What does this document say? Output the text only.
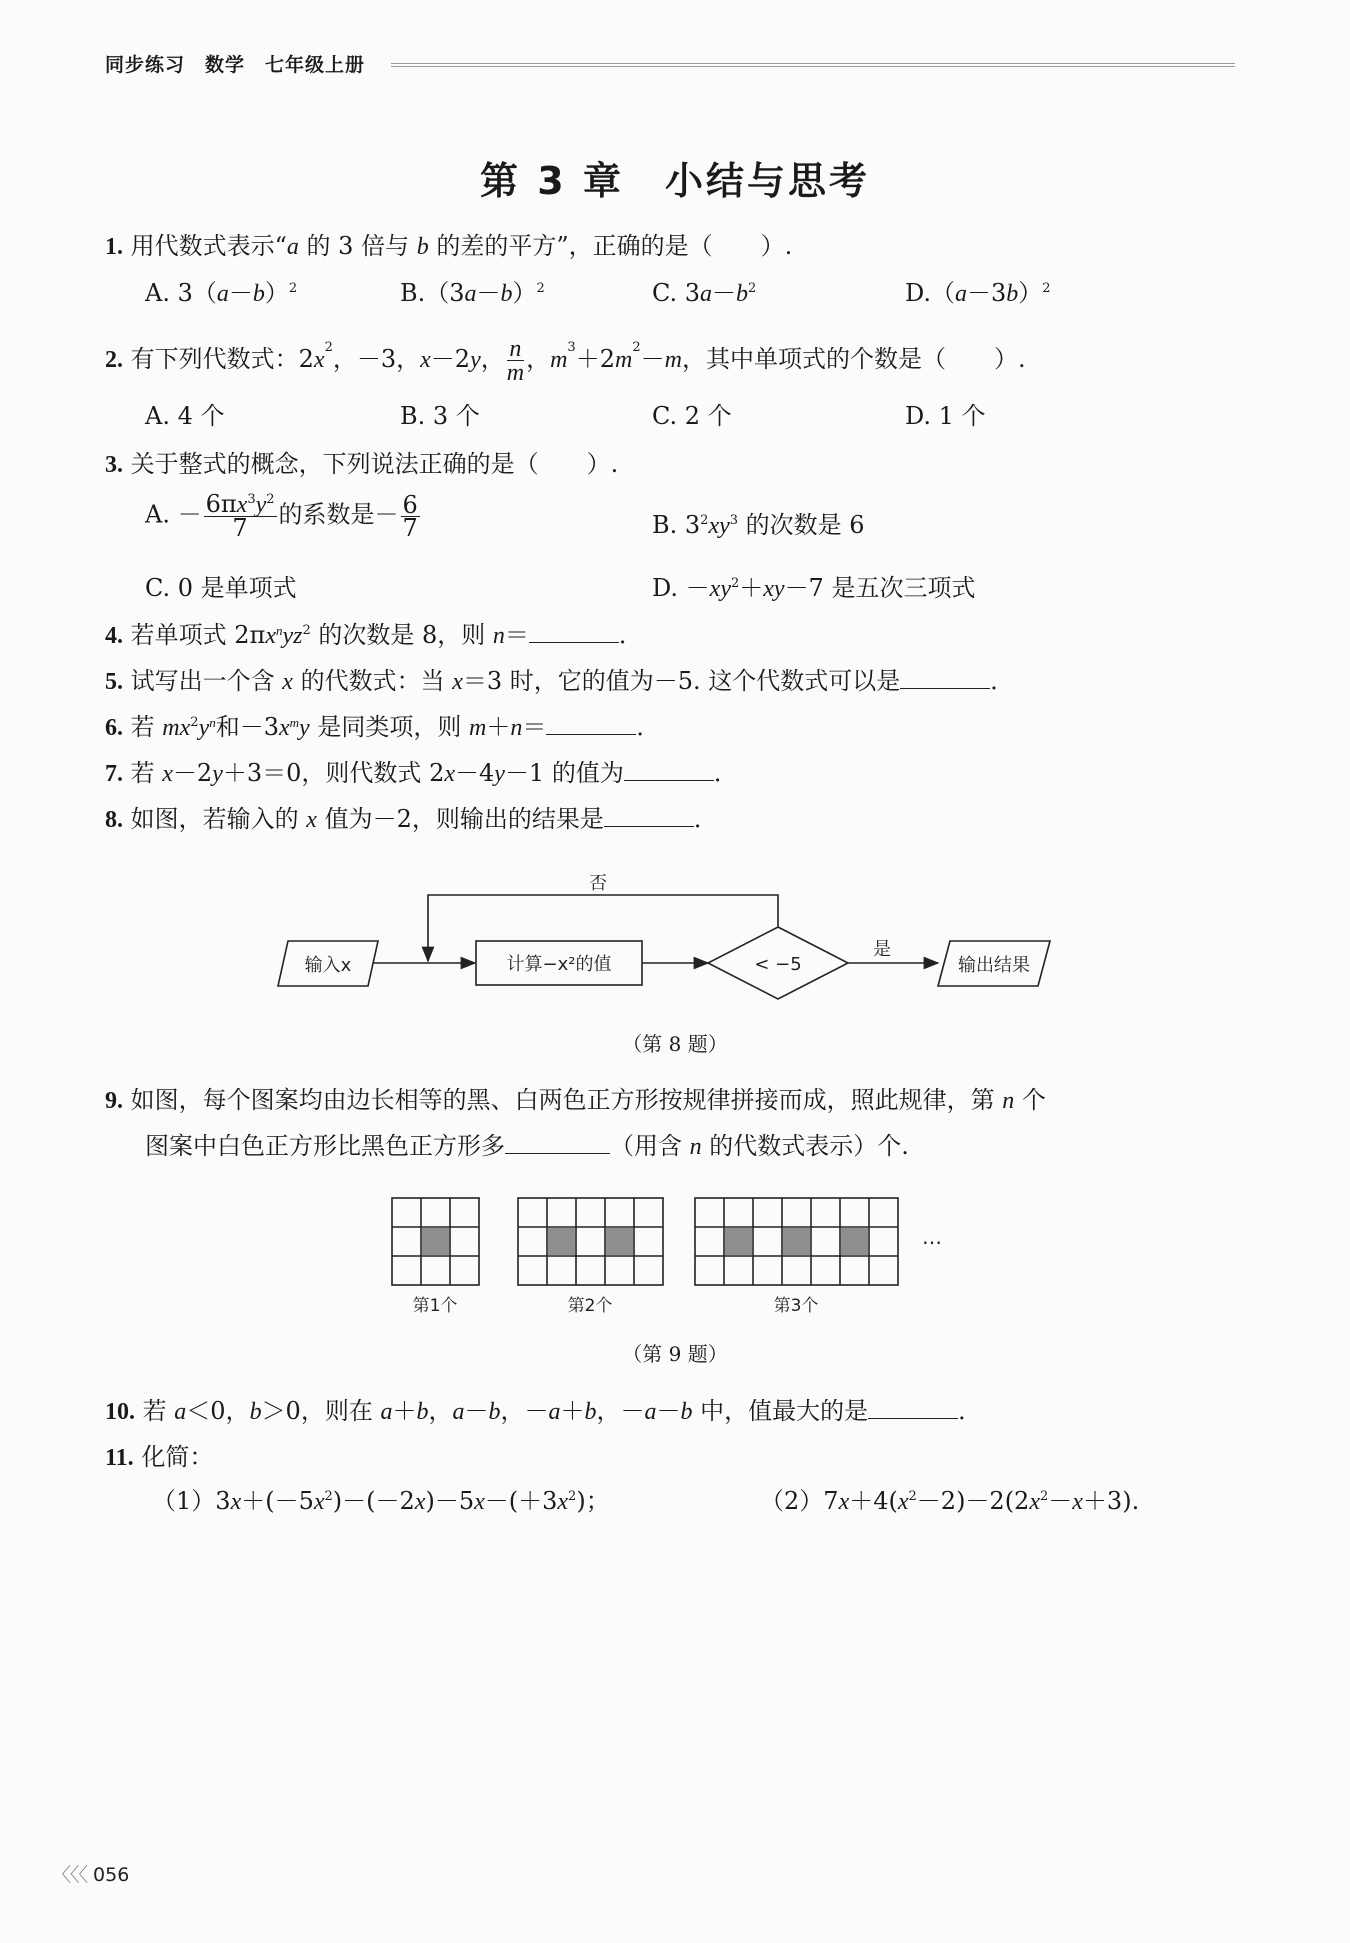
同步练习 数学 七年级上册
第 3 章　小结与思考
1. 用代数式表示“a 的 3 倍与 b 的差的平方”，正确的是（　　）.
A. $3(a-b)^2$	$B.(3a-b)^2$	C. $3a-b^2$	$D.(a-3b)^2$
2. 有下列代数式：$2x^2$，－3，x－2y， $\frac{n}{m}$ ，$m^3+2m^2-m$，其中单项式的个数是（　　）.
A. 4 个	B. 3 个	C. 2 个	D. 1 个
3. 关于整式的概念，下列说法正确的是（　　）.
A. － $\frac{6\pi x^3y^2}{7}$ 的系数是－ $\frac{6}{7}$	B. $3^2xy^3$ 的次数是 6
C. 0 是单项式	D. $-xy^2+xy-7$ 是五次三项式
4. 若单项式 $2\pi x^nyz^2$ 的次数是 8，则 n＝	．
5. 试写出一个含 x 的代数式：当 x＝3 时，它的值为－5. 这个代数式可以是	．
6. 若 $mx^2y^n$和$-3x^my$ 是同类项，则 m＋n＝	．
7. 若 x－2y＋3＝0，则代数式 2x－4y－1 的值为	．
8. 如图，若输入的 x 值为－2，则输出的结果是	．
否
输入x	计算−x²的值	< −5
是
输出结果
（第 8 题）
9. 如图，每个图案均由边长相等的黑、白两色正方形按规律拼接而成，照此规律，第 n 个
图案中白色正方形比黑色正方形多	（用含 n 的代数式表示）个.
…
第1个	第2个	第3个
（第 9 题）
10. 若 a＜0，b＞0，则在 a＋b，a－b，－a＋b，－a－b 中，值最大的是	．
11. 化简：
$(1)3x+(-5x^2)-(-2x)-5x-(+3x^2)$；	$(2)7x+4(x^2-2)-2(2x^2-x+3)$.
〈〈〈 056
